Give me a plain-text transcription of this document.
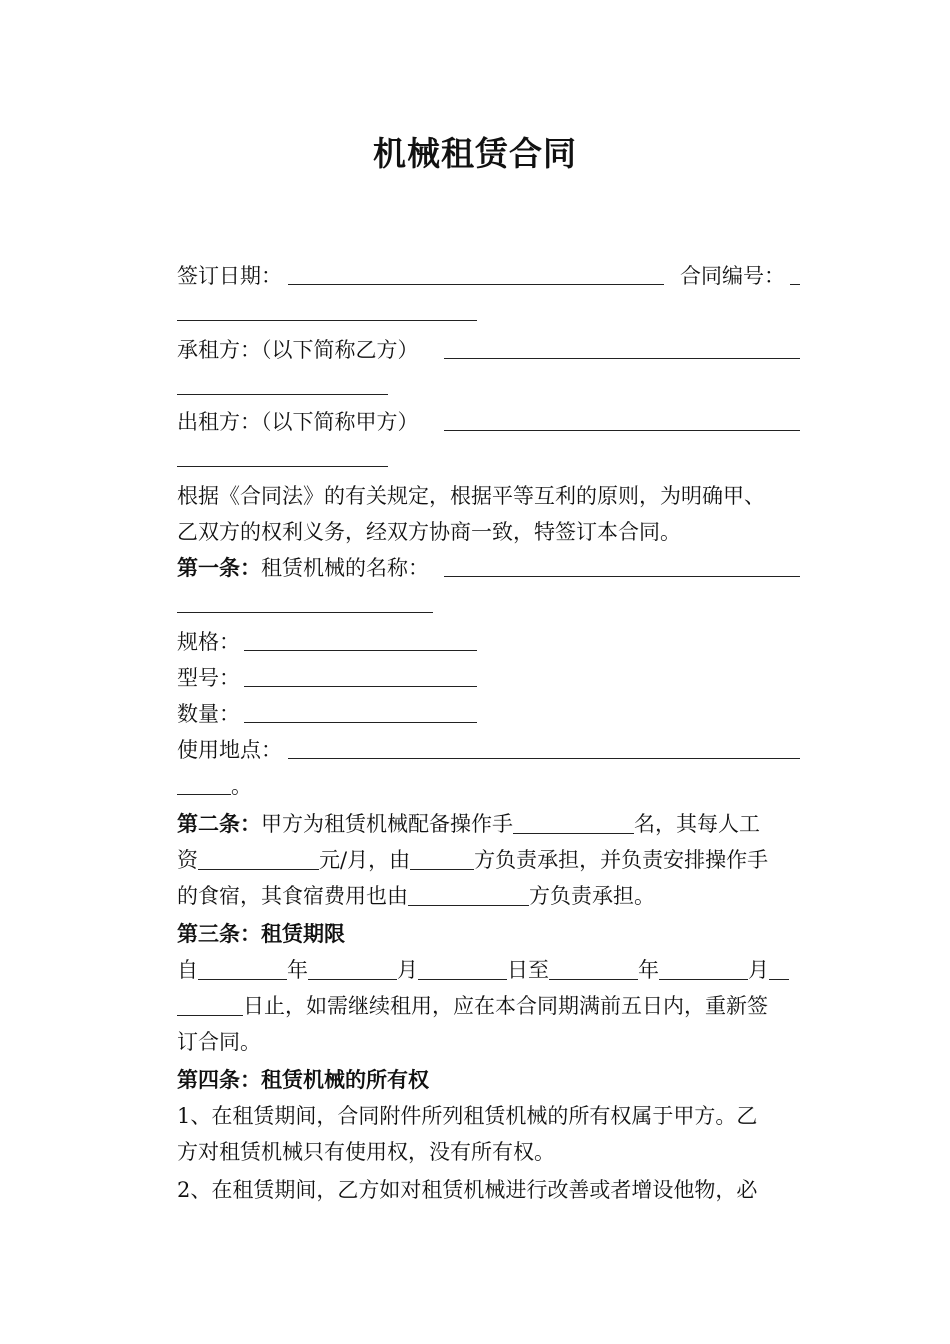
机械租赁合同
签订日期：	合同编号：
承租方：（以下简称乙方）
出租方：（以下简称甲方）
根据《合同法》的有关规定，根据平等互利的原则，为明确甲、
乙双方的权利义务，经双方协商一致，特签订本合同。
第一条：租赁机械的名称：
规格：
型号：
数量：
使用地点：
。
第二条：甲方为租赁机械配备操作手	名，其每人工
资	元/月，由	方负责承担，并负责安排操作手
的食宿，其食宿费用也由	方负责承担。
第三条：租赁期限
自	年	月	日至	年	月
日止，如需继续租用，应在本合同期满前五日内，重新签
订合同。
第四条：租赁机械的所有权
1、在租赁期间，合同附件所列租赁机械的所有权属于甲方。乙
方对租赁机械只有使用权，没有所有权。
2、在租赁期间，乙方如对租赁机械进行改善或者增设他物，必
